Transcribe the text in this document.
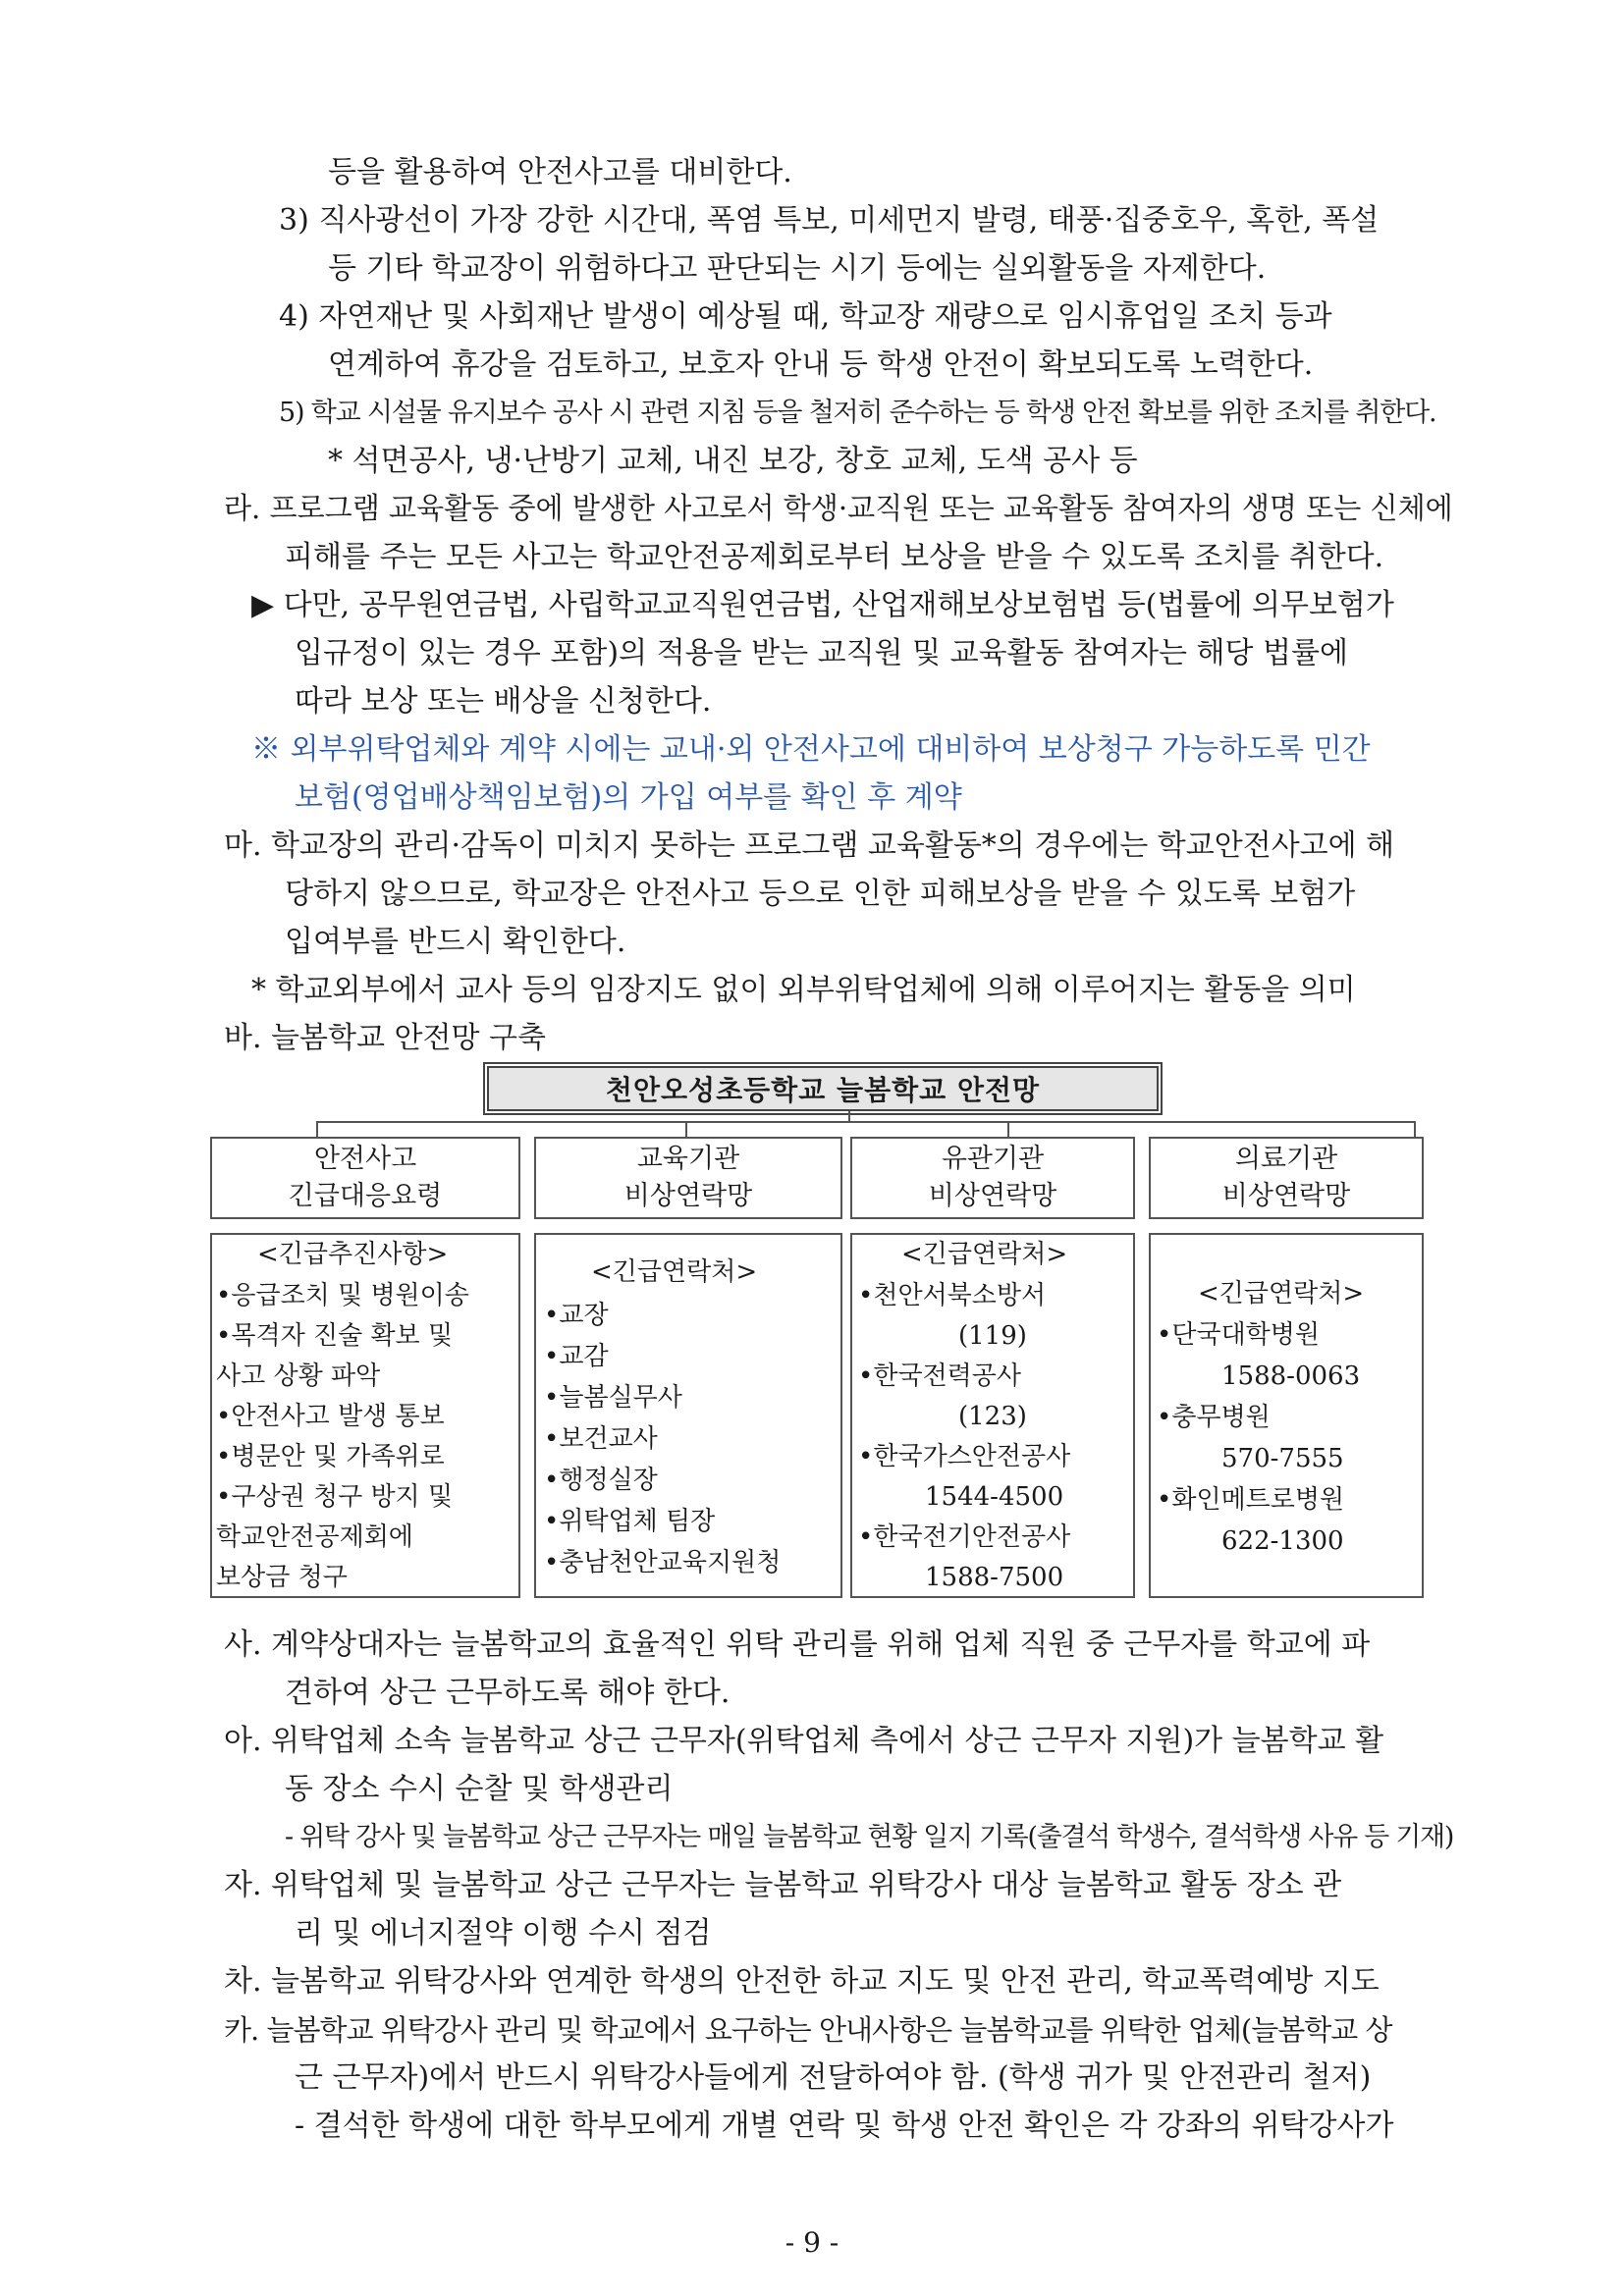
등을 활용하여 안전사고를 대비한다.
3) 직사광선이 가장 강한 시간대, 폭염 특보, 미세먼지 발령, 태풍·집중호우, 혹한, 폭설
등 기타 학교장이 위험하다고 판단되는 시기 등에는 실외활동을 자제한다.
4) 자연재난 및 사회재난 발생이 예상될 때, 학교장 재량으로 임시휴업일 조치 등과
연계하여 휴강을 검토하고, 보호자 안내 등 학생 안전이 확보되도록 노력한다.
5) 학교 시설물 유지보수 공사 시 관련 지침 등을 철저히 준수하는 등 학생 안전 확보를 위한 조치를 취한다.
* 석면공사, 냉·난방기 교체, 내진 보강, 창호 교체, 도색 공사 등
라. 프로그램 교육활동 중에 발생한 사고로서 학생·교직원 또는 교육활동 참여자의 생명 또는 신체에
피해를 주는 모든 사고는 학교안전공제회로부터 보상을 받을 수 있도록 조치를 취한다.
▶ 다만, 공무원연금법, 사립학교교직원연금법, 산업재해보상보험법 등(법률에 의무보험가
입규정이 있는 경우 포함)의 적용을 받는 교직원 및 교육활동 참여자는 해당 법률에
따라 보상 또는 배상을 신청한다.
※ 외부위탁업체와 계약 시에는 교내·외 안전사고에 대비하여 보상청구 가능하도록 민간
보험(영업배상책임보험)의 가입 여부를 확인 후 계약
마. 학교장의 관리·감독이 미치지 못하는 프로그램 교육활동*의 경우에는 학교안전사고에 해
당하지 않으므로, 학교장은 안전사고 등으로 인한 피해보상을 받을 수 있도록 보험가
입여부를 반드시 확인한다.
* 학교외부에서 교사 등의 임장지도 없이 외부위탁업체에 의해 이루어지는 활동을 의미
바. 늘봄학교 안전망 구축
천안오성초등학교 늘봄학교 안전망
안전사고
긴급대응요령
교육기관
비상연락망
유관기관
비상연락망
의료기관
비상연락망
<긴급추진사항>
•응급조치 및 병원이송
•목격자 진술 확보 및
사고 상황 파악
•안전사고 발생 통보
•병문안 및 가족위로
•구상권 청구 방지 및
학교안전공제회에
보상금 청구
<긴급연락처>
•교장
•교감
•늘봄실무사
•보건교사
•행정실장
•위탁업체 팀장
•충남천안교육지원청
<긴급연락처>
•천안서북소방서
(119)
•한국전력공사
(123)
•한국가스안전공사
1544-4500
•한국전기안전공사
1588-7500
<긴급연락처>
•단국대학병원
1588-0063
•충무병원
570-7555
•화인메트로병원
622-1300
사. 계약상대자는 늘봄학교의 효율적인 위탁 관리를 위해 업체 직원 중 근무자를 학교에 파
견하여 상근 근무하도록 해야 한다.
아. 위탁업체 소속 늘봄학교 상근 근무자(위탁업체 측에서 상근 근무자 지원)가 늘봄학교 활
동 장소 수시 순찰 및 학생관리
- 위탁 강사 및 늘봄학교 상근 근무자는 매일 늘봄학교 현황 일지 기록(출결석 학생수, 결석학생 사유 등 기재)
자. 위탁업체 및 늘봄학교 상근 근무자는 늘봄학교 위탁강사 대상 늘봄학교 활동 장소 관
리 및 에너지절약 이행 수시 점검
차. 늘봄학교 위탁강사와 연계한 학생의 안전한 하교 지도 및 안전 관리, 학교폭력예방 지도
카. 늘봄학교 위탁강사 관리 및 학교에서 요구하는 안내사항은 늘봄학교를 위탁한 업체(늘봄학교 상
근 근무자)에서 반드시 위탁강사들에게 전달하여야 함. (학생 귀가 및 안전관리 철저)
- 결석한 학생에 대한 학부모에게 개별 연락 및 학생 안전 확인은 각 강좌의 위탁강사가
- 9 -
